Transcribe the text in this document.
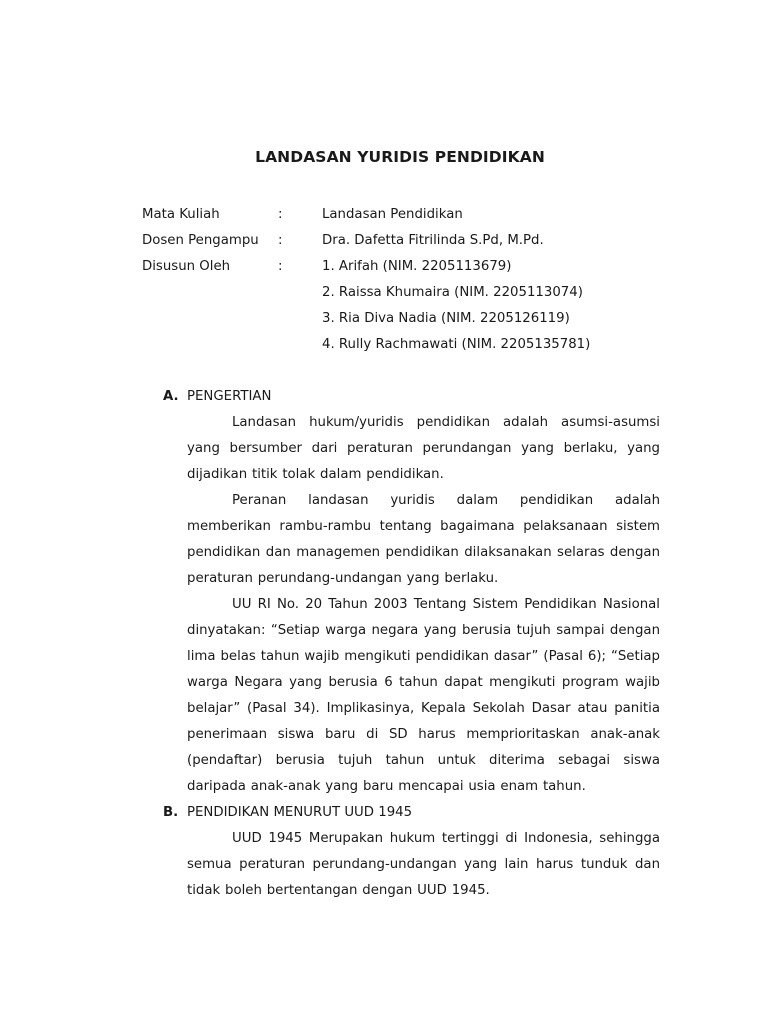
LANDASAN YURIDIS PENDIDIKAN
Mata Kuliah	:	Landasan Pendidikan
Dosen Pengampu :	Dra. Dafetta Fitrilinda S.Pd, M.Pd.
Disusun Oleh	:	1. Arifah (NIM. 2205113679)
2. Raissa Khumaira (NIM. 2205113074)
3. Ria Diva Nadia (NIM. 2205126119)
4. Rully Rachmawati (NIM. 2205135781)
A. PENGERTIAN

Landasan hukum/yuridis pendidikan adalah asumsi-asumsi yang bersumber dari peraturan perundangan yang berlaku, yang dijadikan titik tolak dalam pendidikan.

Peranan landasan yuridis dalam pendidikan adalah memberikan rambu-rambu tentang bagaimana pelaksanaan sistem pendidikan dan managemen pendidikan dilaksanakan selaras dengan peraturan perundang-undangan yang berlaku.

UU RI No. 20 Tahun 2003 Tentang Sistem Pendidikan Nasional dinyatakan: “Setiap warga negara yang berusia tujuh sampai dengan lima belas tahun wajib mengikuti pendidikan dasar” (Pasal 6); “Setiap warga Negara yang berusia 6 tahun dapat mengikuti program wajib belajar” (Pasal 34). Implikasinya, Kepala Sekolah Dasar atau panitia penerimaan siswa baru di SD harus memprioritaskan anak-anak (pendaftar) berusia tujuh tahun untuk diterima sebagai siswa daripada anak-anak yang baru mencapai usia enam tahun.

B. PENDIDIKAN MENURUT UUD 1945

UUD 1945 Merupakan hukum tertinggi di Indonesia, sehingga semua peraturan perundang-undangan yang lain harus tunduk dan tidak boleh bertentangan dengan UUD 1945.
